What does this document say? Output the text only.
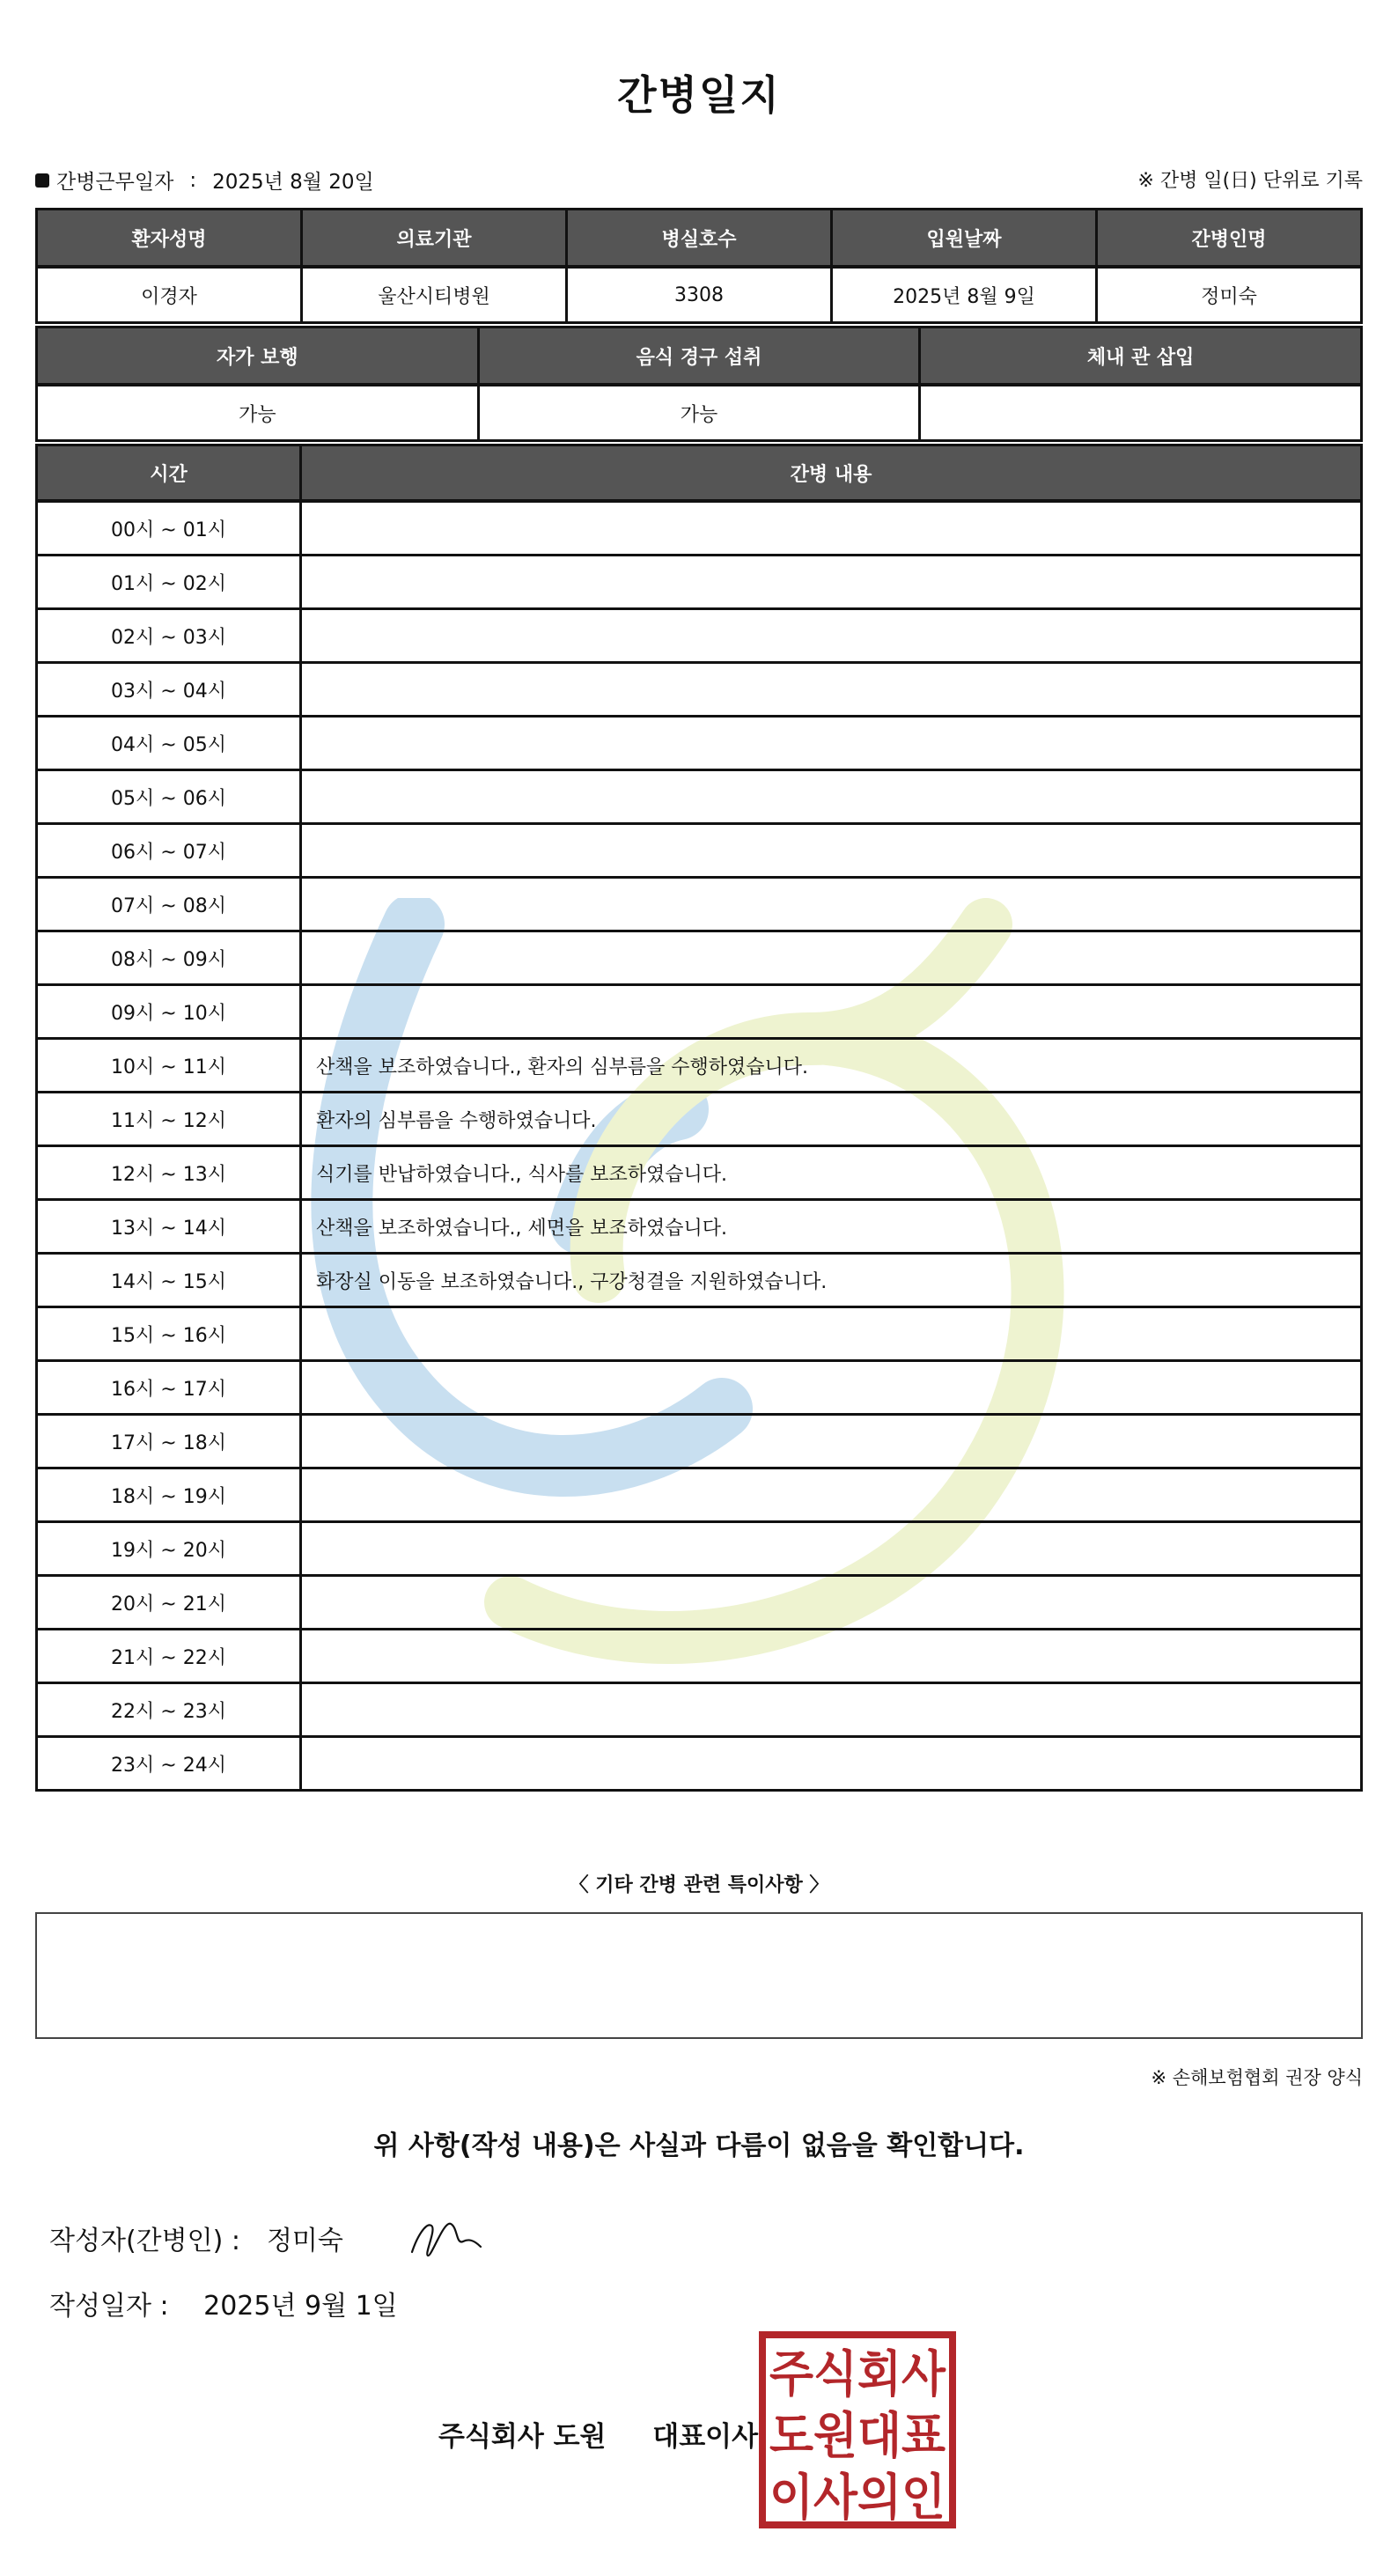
간병일지
간병근무일자 : 2025년 8월 20일	※ 간병 일(日) 단위로 기록
환자성명	의료기관	병실호수	입원날짜	간병인명
이경자	울산시티병원	3308	2025년 8월 9일	정미숙
자가 보행	음식 경구 섭취	체내 관 삽입
가능	가능	
시간	간병 내용
00시 ~ 01시	
01시 ~ 02시	
02시 ~ 03시	
03시 ~ 04시	
04시 ~ 05시	
05시 ~ 06시	
06시 ~ 07시	
07시 ~ 08시	
08시 ~ 09시	
09시 ~ 10시	
10시 ~ 11시	산책을 보조하였습니다., 환자의 심부름을 수행하였습니다.
11시 ~ 12시	환자의 심부름을 수행하였습니다.
12시 ~ 13시	식기를 반납하였습니다., 식사를 보조하였습니다.
13시 ~ 14시	산책을 보조하였습니다., 세면을 보조하였습니다.
14시 ~ 15시	화장실 이동을 보조하였습니다., 구강청결을 지원하였습니다.
15시 ~ 16시	
16시 ~ 17시	
17시 ~ 18시	
18시 ~ 19시	
19시 ~ 20시	
20시 ~ 21시	
21시 ~ 22시	
22시 ~ 23시	
23시 ~ 24시	
〈 기타 간병 관련 특이사항 〉
※ 손해보험협회 권장 양식
위 사항(작성 내용)은 사실과 다름이 없음을 확인합니다.
작성자(간병인) : 정미숙
작성일자 : 2025년 9월 1일
주식회사 도원 대표이사
주식회사
도원대표
이사의인
